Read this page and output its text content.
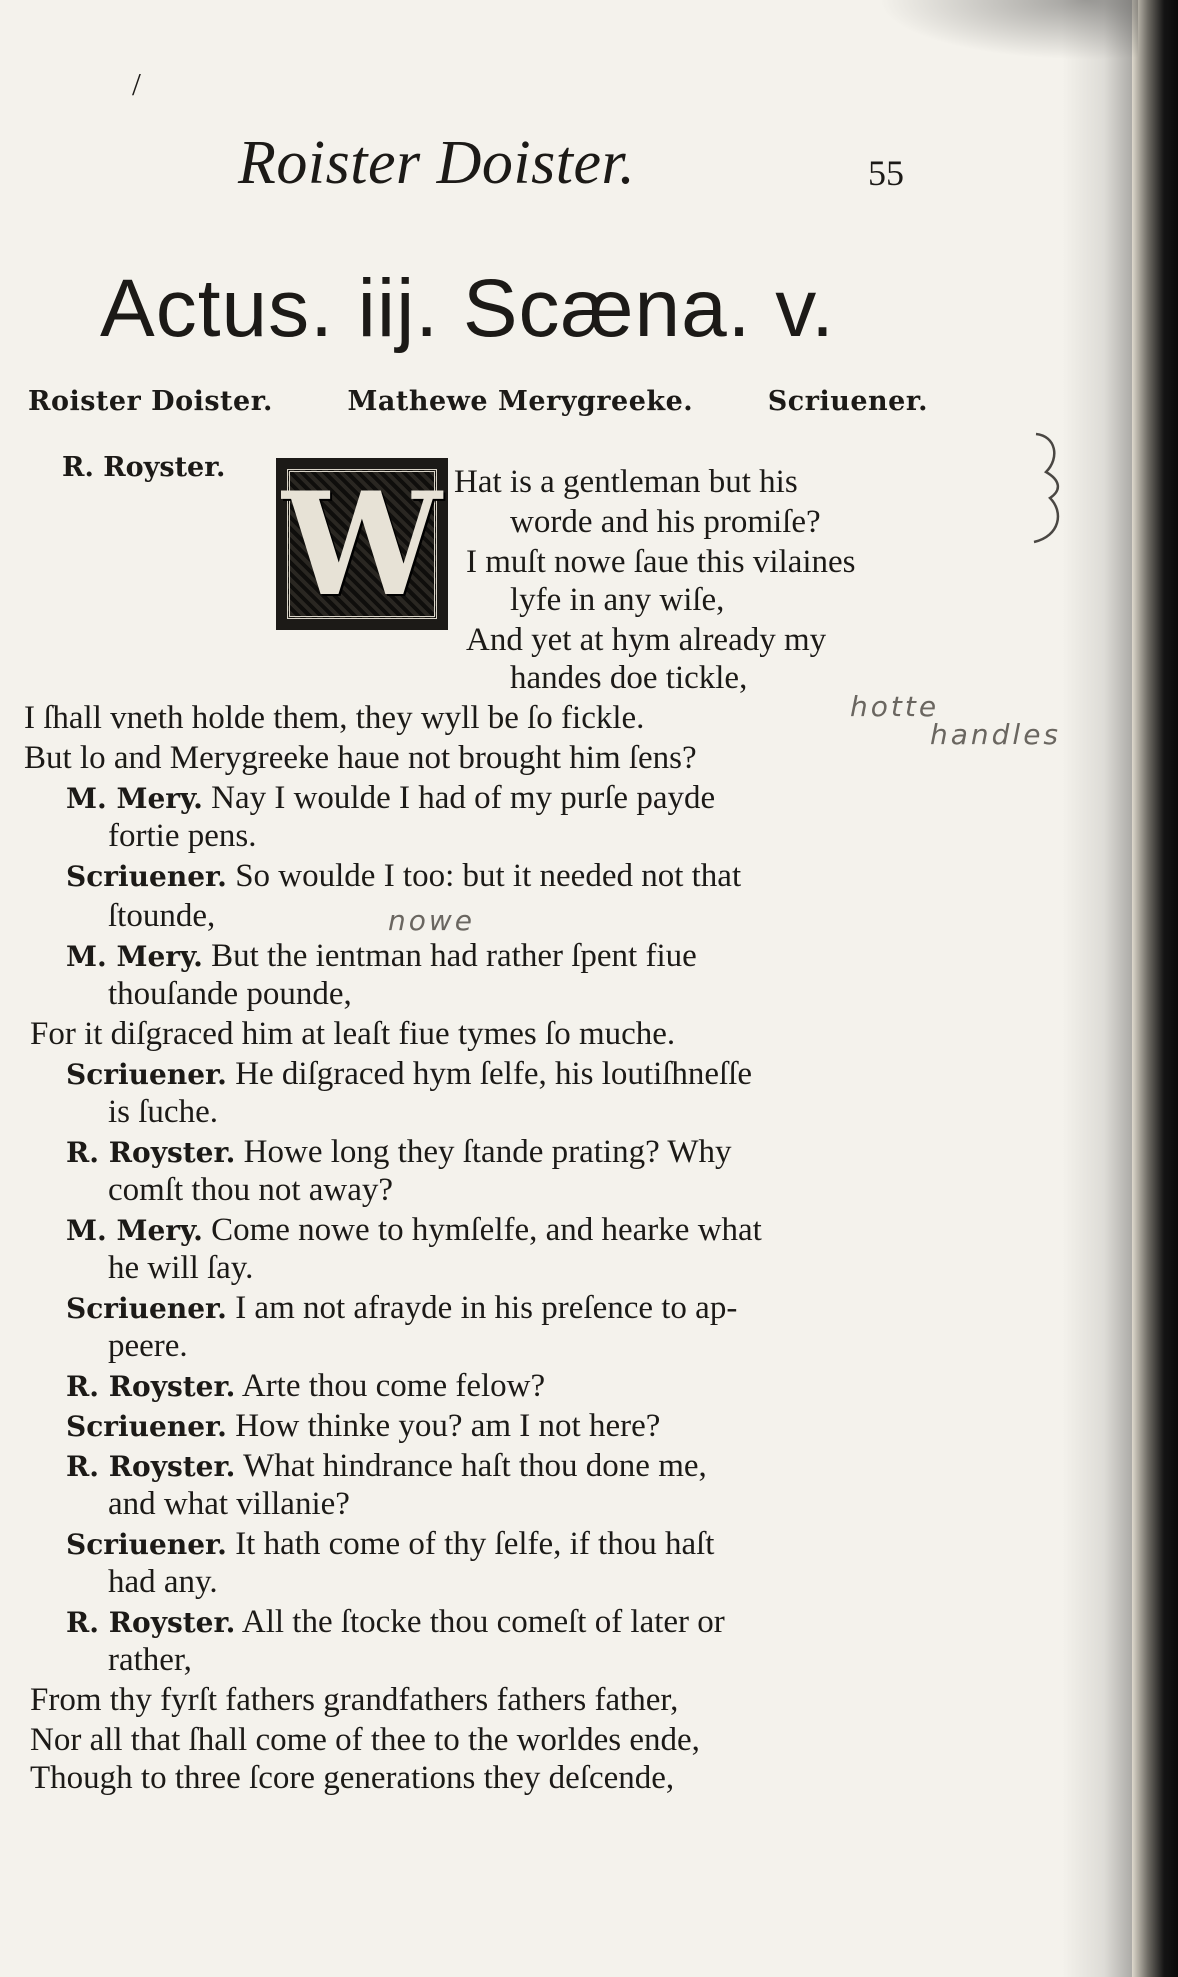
/
Roister Doister.	55
Actus. iij. Scæna. v.
Roister Doister.	Mathewe Merygreeke.	Scriuener.
R. Royster. W Hat is a gentleman but his
worde and his promiſe?
I muſt nowe ſaue this vilaines
lyfe in any wiſe,
And yet at hym already my
handes doe tickle,
I ſhall vneth holde them, they wyll be ſo fickle.
But lo and Merygreeke haue not brought him ſens?
M. Mery. Nay I woulde I had of my purſe payde
fortie pens.
Scriuener. So woulde I too: but it needed not that
ſtounde,
M. Mery. But the ientman had rather ſpent fiue
thouſande pounde,
For it diſgraced him at leaſt fiue tymes ſo muche.
Scriuener. He diſgraced hym ſelfe, his loutiſhneſſe
is ſuche.
R. Royster. Howe long they ſtande prating? Why
comſt thou not away?
M. Mery. Come nowe to hymſelfe, and hearke what
he will ſay.
Scriuener. I am not afrayde in his preſence to ap-
peere.
R. Royster. Arte thou come felow?
Scriuener. How thinke you? am I not here?
R. Royster. What hindrance haſt thou done me,
and what villanie?
Scriuener. It hath come of thy ſelfe, if thou haſt
had any.
R. Royster. All the ſtocke thou comeſt of later or
rather,
From thy fyrſt fathers grandfathers fathers father,
Nor all that ſhall come of thee to the worldes ende,
Though to three ſcore generations they deſcende,
hotte
handles
nowe
